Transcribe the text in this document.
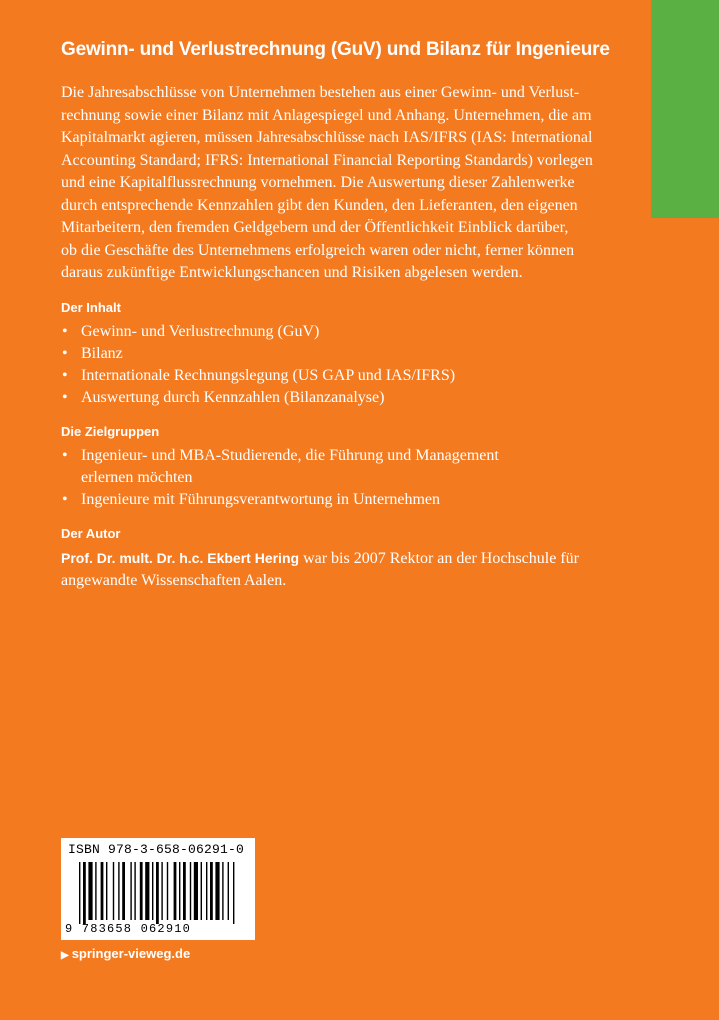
Gewinn- und Verlustrechnung (GuV) und Bilanz für Ingenieure

Die Jahresabschlüsse von Unternehmen bestehen aus einer Gewinn- und Verlust-
rechnung sowie einer Bilanz mit Anlagespiegel und Anhang. Unternehmen, die am
Kapitalmarkt agieren, müssen Jahresabschlüsse nach IAS/IFRS (IAS: International
Accounting Standard; IFRS: International Financial Reporting Standards) vorlegen
und eine Kapitalflussrechnung vornehmen. Die Auswertung dieser Zahlenwerke
durch entsprechende Kennzahlen gibt den Kunden, den Lieferanten, den eigenen
Mitarbeitern, den fremden Geldgebern und der Öffentlichkeit Einblick darüber,
ob die Geschäfte des Unternehmens erfolgreich waren oder nicht, ferner können
daraus zukünftige Entwicklungschancen und Risiken abgelesen werden.

Der Inhalt
• Gewinn- und Verlustrechnung (GuV)
• Bilanz
• Internationale Rechnungslegung (US GAP und IAS/IFRS)
• Auswertung durch Kennzahlen (Bilanzanalyse)
Die Zielgruppen
• Ingenieur- und MBA-Studierende, die Führung und Management
erlernen möchten
• Ingenieure mit Führungsverantwortung in Unternehmen
Der Autor

Prof. Dr. mult. Dr. h.c. Ekbert Hering war bis 2007 Rektor an der Hochschule für
angewandte Wissenschaften Aalen.

ISBN 978-3-658-06291-0
9 783658 062910
▶ springer-vieweg.de
